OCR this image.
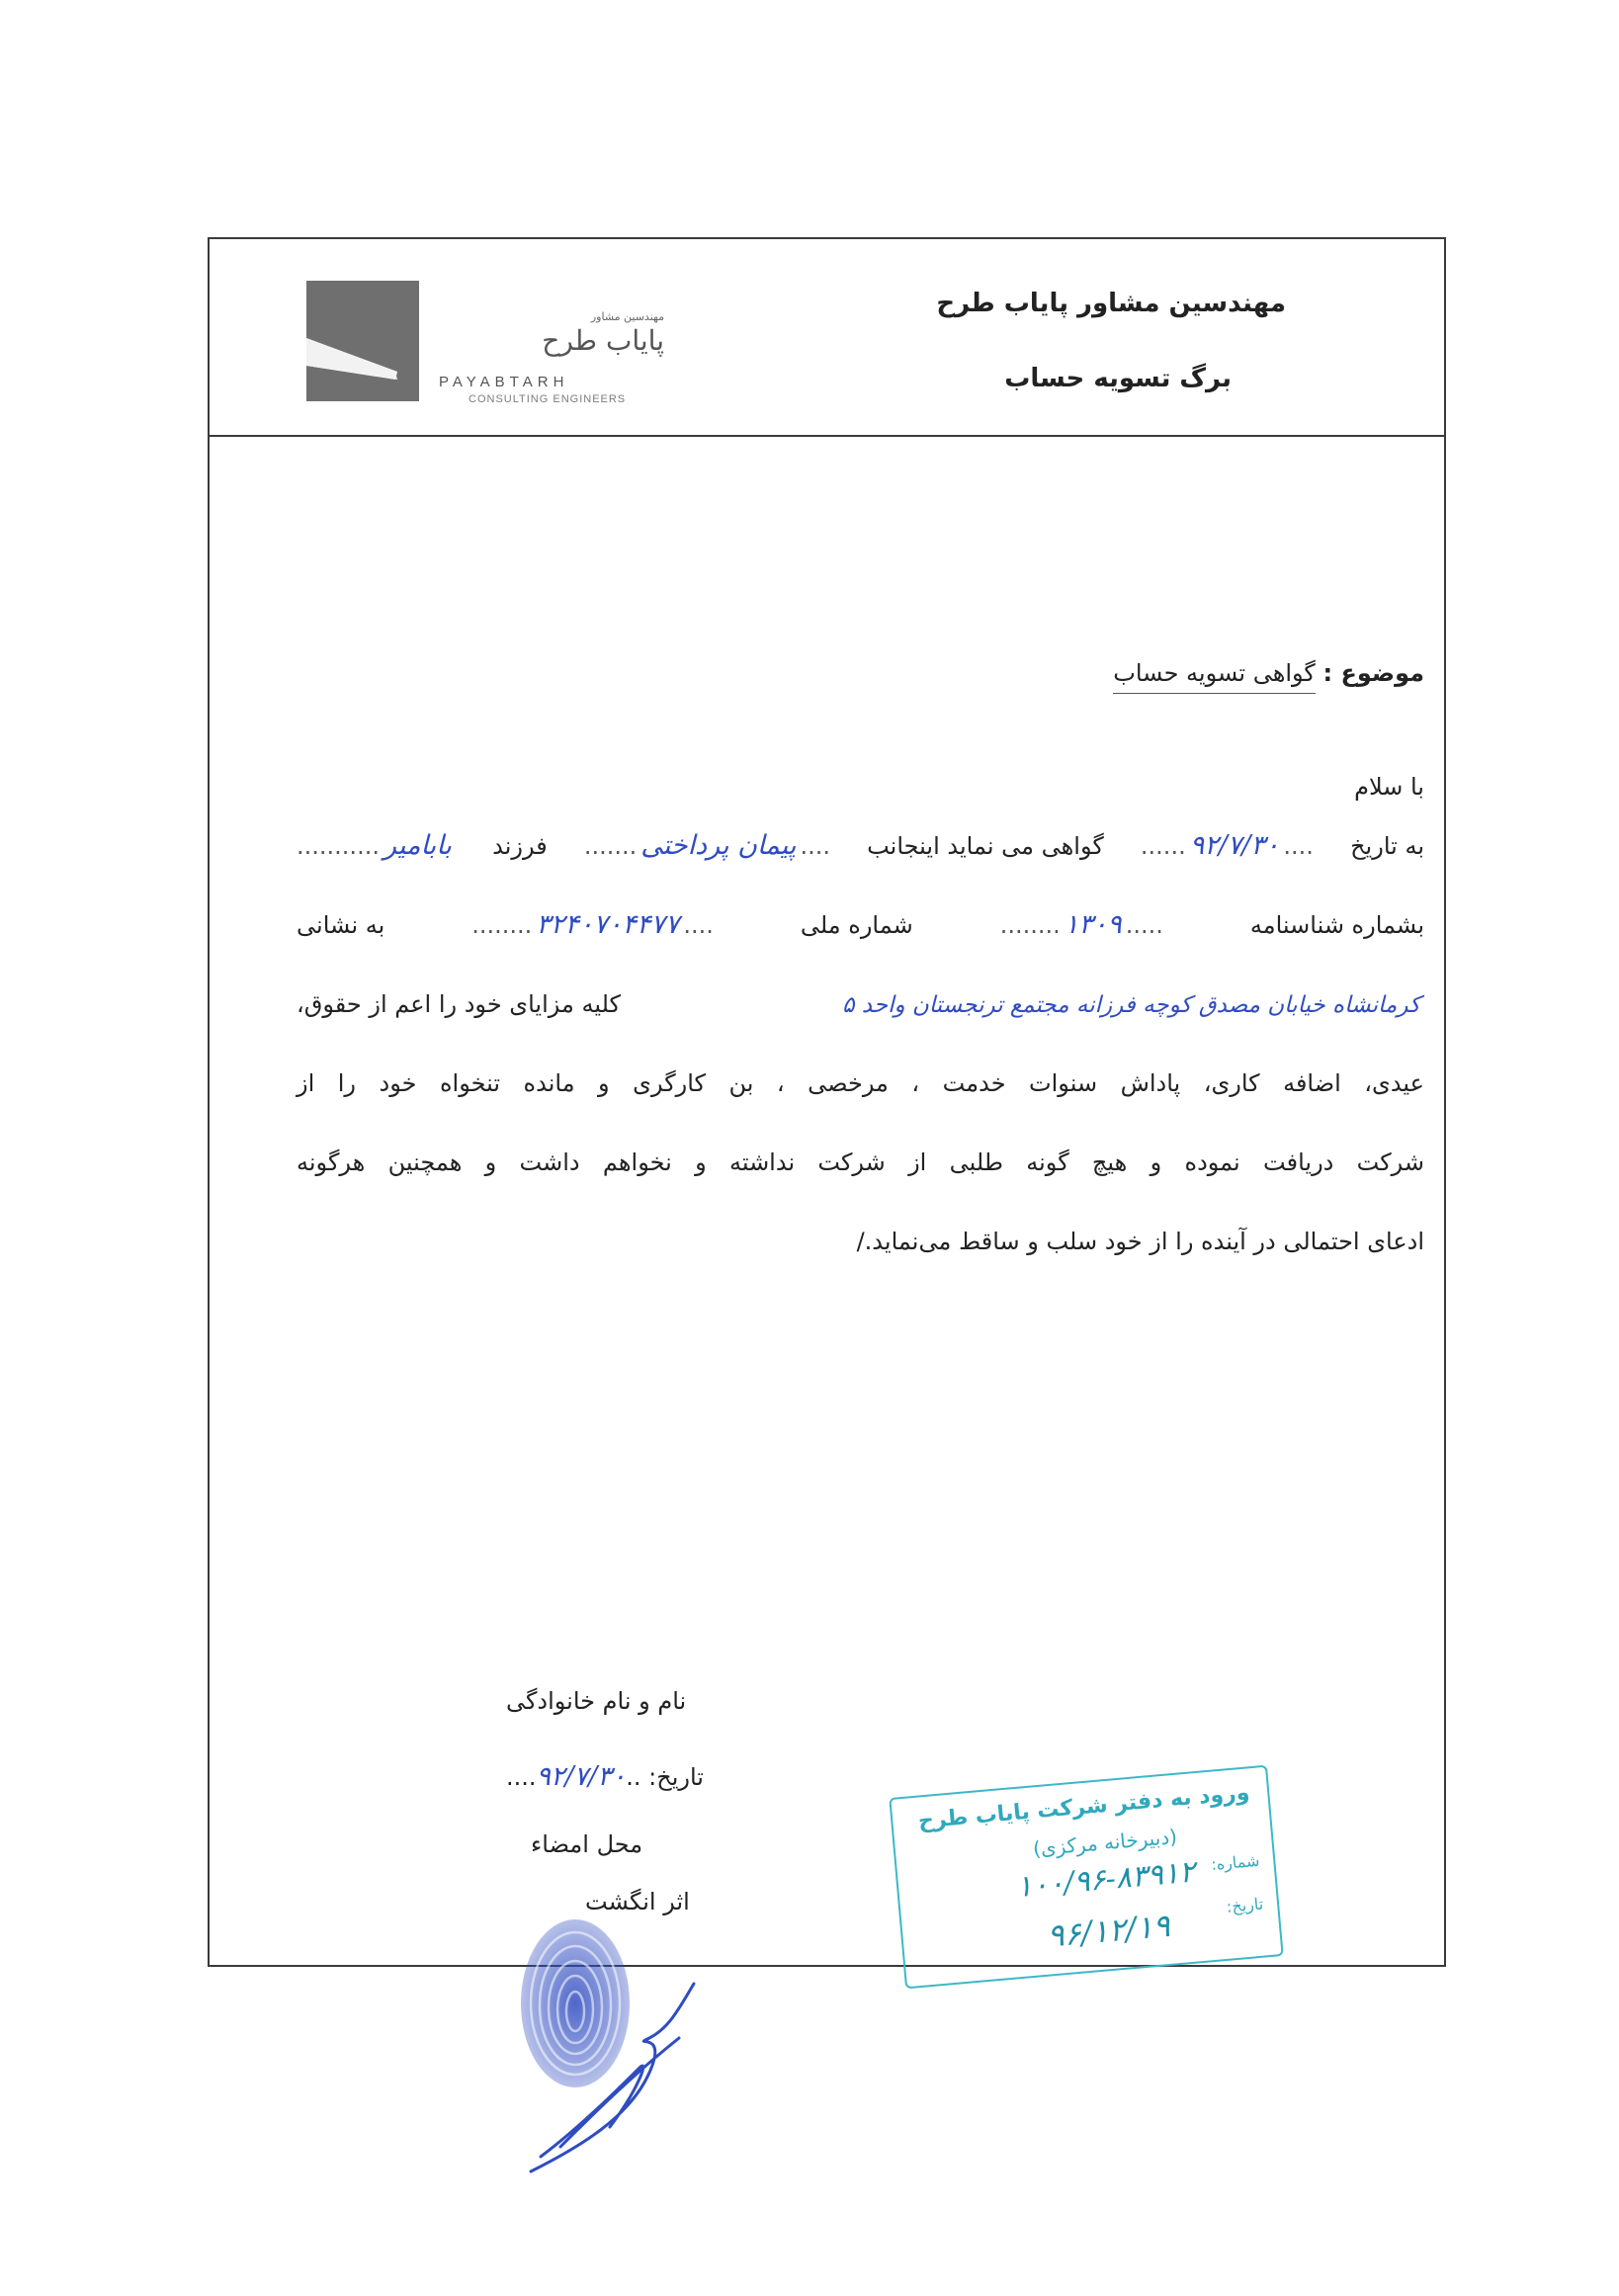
مهندسین مشاور پایاب طرح
برگ تسویه حساب
مهندسین مشاور
پایاب طرح
PAYABTARH
CONSULTING ENGINEERS
موضوع : گواهی تسویه حساب
با سلام
به تاریخ
....۹۲/۷/۳۰......
گواهی می نماید اینجانب
....پیمان پرداختی.......
فرزند
بابامیر...........
بشماره شناسنامه
.....۱۳۰۹........
شماره ملی
....۳۲۴۰۷۰۴۴۷۷........
به نشانی
کرمانشاه خیابان مصدق کوچه فرزانه مجتمع ترنجستان واحد ۵
کلیه مزایای خود را اعم از حقوق،
عیدی، اضافه کاری، پاداش سنوات خدمت ، مرخصی ، بن کارگری و مانده تنخواه خود را از
شرکت دریافت نموده و هیچ گونه طلبی از شرکت نداشته و نخواهم داشت و همچنین هرگونه
ادعای احتمالی در آینده را از خود سلب و ساقط می‌نماید./
نام و نام خانوادگی
تاریخ: ..۹۲/۷/۳۰....
محل امضاء
اثر انگشت
ورود به دفتر شرکت پایاب طرح
(دبیرخانه مرکزی)
شماره:
۱۰۰/۹۶-۸۳۹۱۲
تاریخ:
۹۶/۱۲/۱۹
